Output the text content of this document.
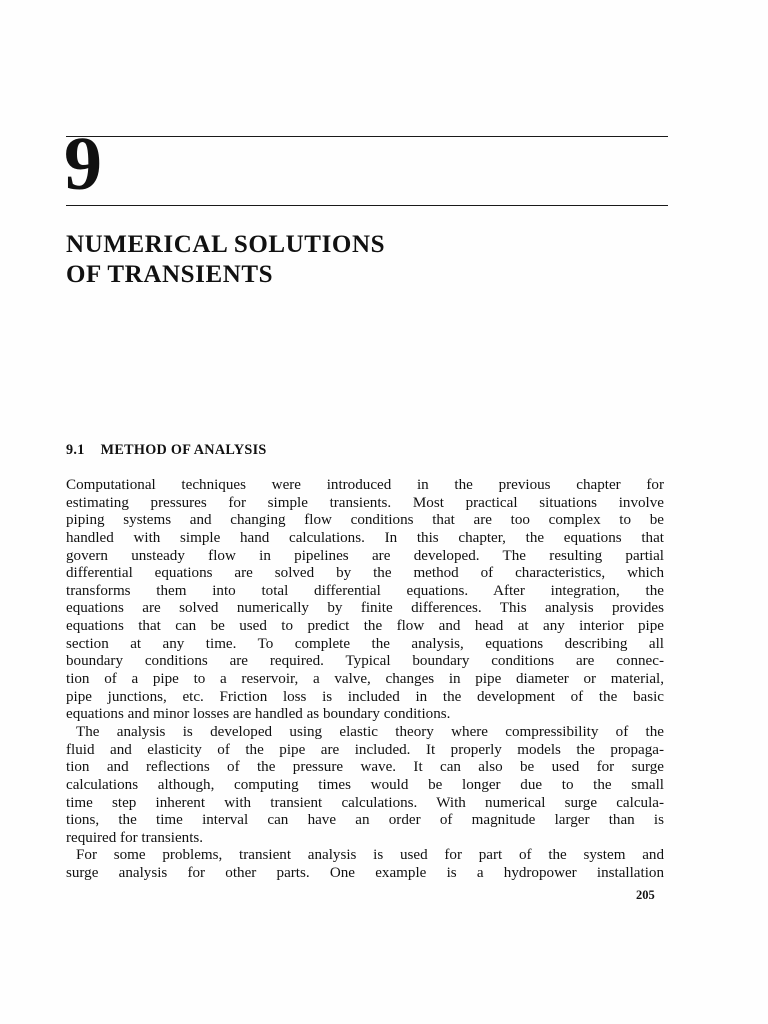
9
NUMERICAL SOLUTIONS
OF TRANSIENTS
9.1 METHOD OF ANALYSIS
Computational techniques were introduced in the previous chapter for
estimating pressures for simple transients. Most practical situations involve
piping systems and changing flow conditions that are too complex to be
handled with simple hand calculations. In this chapter, the equations that
govern unsteady flow in pipelines are developed. The resulting partial
differential equations are solved by the method of characteristics, which
transforms them into total differential equations. After integration, the
equations are solved numerically by finite differences. This analysis provides
equations that can be used to predict the flow and head at any interior pipe
section at any time. To complete the analysis, equations describing all
boundary conditions are required. Typical boundary conditions are connec-
tion of a pipe to a reservoir, a valve, changes in pipe diameter or material,
pipe junctions, etc. Friction loss is included in the development of the basic
equations and minor losses are handled as boundary conditions.
The analysis is developed using elastic theory where compressibility of the
fluid and elasticity of the pipe are included. It properly models the propaga-
tion and reflections of the pressure wave. It can also be used for surge
calculations although, computing times would be longer due to the small
time step inherent with transient calculations. With numerical surge calcula-
tions, the time interval can have an order of magnitude larger than is
required for transients.
For some problems, transient analysis is used for part of the system and
surge analysis for other parts. One example is a hydropower installation
205
